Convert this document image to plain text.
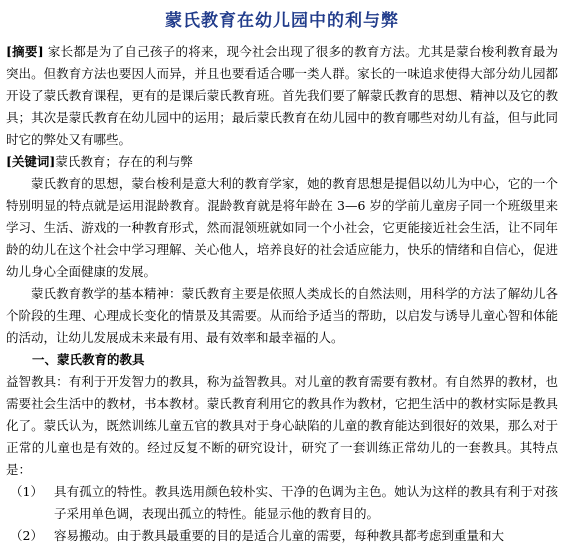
蒙氏教育在幼儿园中的利与弊

[摘要] 家长都是为了自己孩子的将来，现今社会出现了很多的教育方法。尤其是蒙台梭利教育最为突出。但教育方法也要因人而异，并且也要看适合哪一类人群。家长的一味追求使得大部分幼儿园都开设了蒙氏教育课程，更有的是课后蒙氏教育班。首先我们要了解蒙氏教育的思想、精神以及它的教具；其次是蒙氏教育在幼儿园中的运用；最后蒙氏教育在幼儿园中的教育哪些对幼儿有益，但与此同时它的弊处又有哪些。

[关键词]蒙氏教育；存在的利与弊

蒙氏教育的思想，蒙台梭利是意大利的教育学家，她的教育思想是提倡以幼儿为中心，它的一个特别明显的特点就是运用混龄教育。混龄教育就是将年龄在 3—6 岁的学前儿童房子同一个班级里来学习、生活、游戏的一种教育形式，然而混领班就如同一个小社会，它更能接近社会生活，让不同年龄的幼儿在这个社会中学习理解、关心他人，培养良好的社会适应能力，快乐的情绪和自信心，促进幼儿身心全面健康的发展。

蒙氏教育教学的基本精神：蒙氏教育主要是依照人类成长的自然法则，用科学的方法了解幼儿各个阶段的生理、心理成长变化的情景及其需要。从而给予适当的帮助，以启发与诱导儿童心智和体能的活动，让幼儿发展成未来最有用、最有效率和最幸福的人。

一、蒙氏教育的教具

益智教具：有利于开发智力的教具，称为益智教具。对儿童的教育需要有教材。有自然界的教材，也需要社会生活中的教材，书本教材。蒙氏教育利用它的教具作为教材，它把生活中的教材实际是教具化了。蒙氏认为，既然训练儿童五官的教具对于身心缺陷的儿童的教育能达到很好的效果，那么对于正常的儿童也是有效的。经过反复不断的研究设计，研究了一套训练正常幼儿的一套教具。其特点是：

（1） 具有孤立的特性。教具选用颜色较朴实、干净的色调为主色。她认为这样的教具有利于对孩子采用单色调，表现出孤立的特性。能显示他的教育目的。
（2） 容易搬动。由于教具最重要的目的是适合儿童的需要，每种教具都考虑到重量和大
